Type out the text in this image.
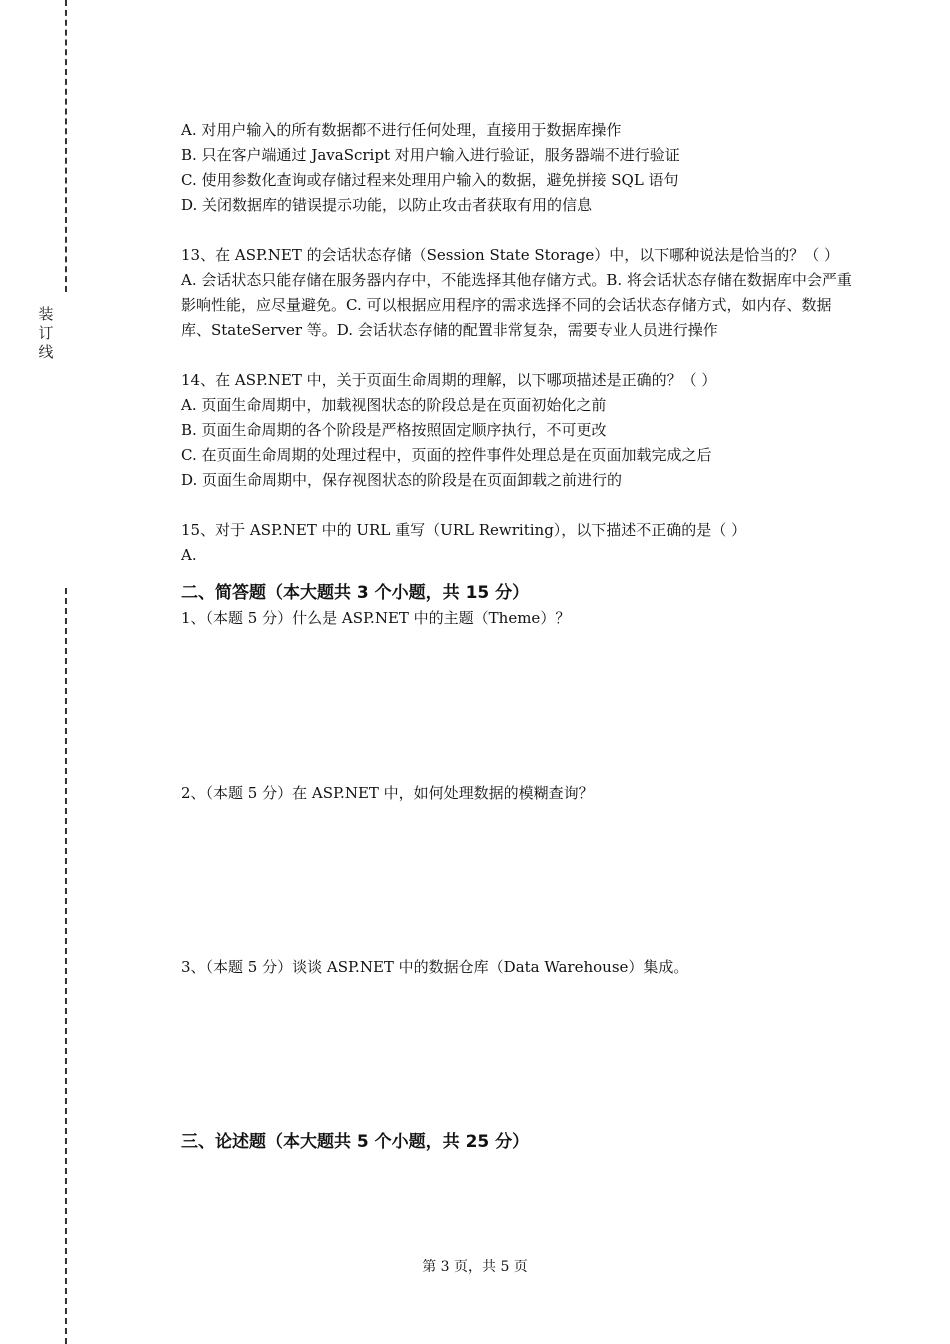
装
订
线
A. 对用户输入的所有数据都不进行任何处理，直接用于数据库操作
B. 只在客户端通过 JavaScript 对用户输入进行验证，服务器端不进行验证
C. 使用参数化查询或存储过程来处理用户输入的数据，避免拼接 SQL 语句
D. 关闭数据库的错误提示功能，以防止攻击者获取有用的信息
13、在 ASP.NET 的会话状态存储（Session State Storage）中，以下哪种说法是恰当的？（ ）
A. 会话状态只能存储在服务器内存中，不能选择其他存储方式。B. 将会话状态存储在数据库中会严重影响性能，应尽量避免。C. 可以根据应用程序的需求选择不同的会话状态存储方式，如内存、数据库、StateServer 等。D. 会话状态存储的配置非常复杂，需要专业人员进行操作
14、在 ASP.NET 中，关于页面生命周期的理解，以下哪项描述是正确的？（ ）
A. 页面生命周期中，加载视图状态的阶段总是在页面初始化之前
B. 页面生命周期的各个阶段是严格按照固定顺序执行，不可更改
C. 在页面生命周期的处理过程中，页面的控件事件处理总是在页面加载完成之后
D. 页面生命周期中，保存视图状态的阶段是在页面卸载之前进行的
15、对于 ASP.NET 中的 URL 重写（URL Rewriting），以下描述不正确的是（ ）
A.
二、简答题（本大题共 3 个小题，共 15 分）
1、（本题 5 分）什么是 ASP.NET 中的主题（Theme）？
2、（本题 5 分）在 ASP.NET 中，如何处理数据的模糊查询？
3、（本题 5 分）谈谈 ASP.NET 中的数据仓库（Data Warehouse）集成。
三、论述题（本大题共 5 个小题，共 25 分）
第 3 页，共 5 页
